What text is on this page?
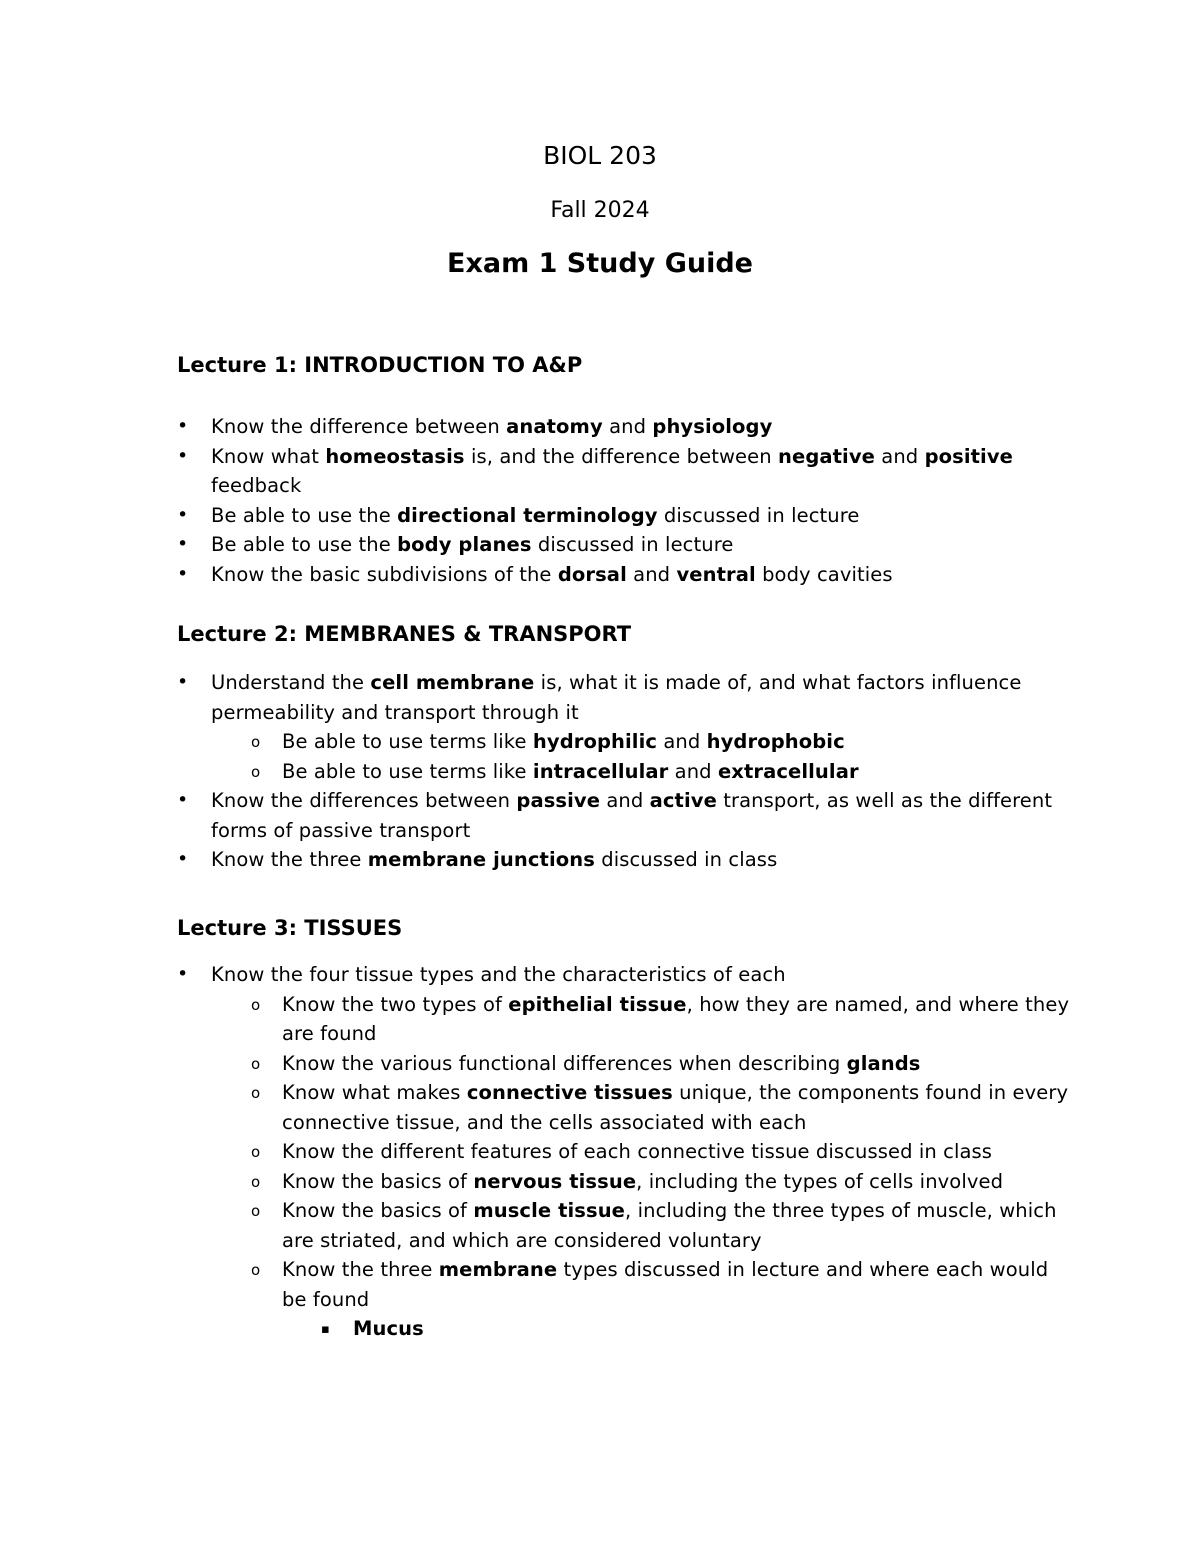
BIOL 203
Fall 2024
Exam 1 Study Guide
Lecture 1: INTRODUCTION TO A&P
• Know the difference between anatomy and physiology
• Know what homeostasis is, and the difference between negative and positive feedback
• Be able to use the directional terminology discussed in lecture
• Be able to use the body planes discussed in lecture
• Know the basic subdivisions of the dorsal and ventral body cavities
Lecture 2: MEMBRANES & TRANSPORT
• Understand the cell membrane is, what it is made of, and what factors influence permeability and transport through it
o Be able to use terms like hydrophilic and hydrophobic
o Be able to use terms like intracellular and extracellular
• Know the differences between passive and active transport, as well as the different forms of passive transport
• Know the three membrane junctions discussed in class
Lecture 3: TISSUES
• Know the four tissue types and the characteristics of each
o Know the two types of epithelial tissue, how they are named, and where they are found
o Know the various functional differences when describing glands
o Know what makes connective tissues unique, the components found in every connective tissue, and the cells associated with each
o Know the different features of each connective tissue discussed in class
o Know the basics of nervous tissue, including the types of cells involved
o Know the basics of muscle tissue, including the three types of muscle, which are striated, and which are considered voluntary
o Know the three membrane types discussed in lecture and where each would be found
▪ Mucus
